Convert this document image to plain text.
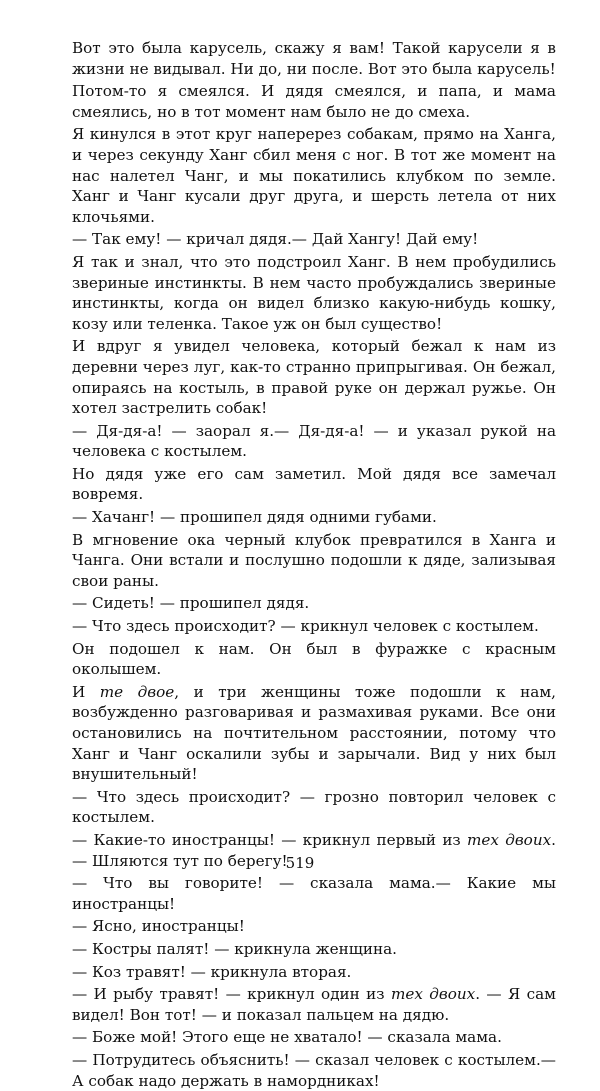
Вот это была карусель, скажу я вам! Такой карусели я в жизни не видывал. Ни до, ни после. Вот это была карусель!

Потом-то я смеялся. И дядя смеялся, и папа, и мама смеялись, но в тот момент нам было не до смеха.

Я кинулся в этот круг наперерез собакам, прямо на Ханга, и через секунду Ханг сбил меня с ног. В тот же момент на нас налетел Чанг, и мы покатились клубком по земле. Ханг и Чанг кусали друг друга, и шерсть летела от них клочьями.

— Так ему! — кричал дядя.— Дай Хангу! Дай ему!

Я так и знал, что это подстроил Ханг. В нем пробудились звериные инстинкты. В нем часто пробуждались звериные инстинкты, когда он видел близко какую-нибудь кошку, козу или теленка. Такое уж он был существо!

И вдруг я увидел человека, который бежал к нам из деревни через луг, как-то странно припрыгивая. Он бежал, опираясь на костыль, в правой руке он держал ружье. Он хотел застрелить собак!

— Дя-дя-а! — заорал я.— Дя-дя-а! — и указал рукой на человека с костылем.

Но дядя уже его сам заметил. Мой дядя все замечал вовремя.

— Хачанг! — прошипел дядя одними губами.

В мгновение ока черный клубок превратился в Ханга и Чанга. Они встали и послушно подошли к дяде, зализывая свои раны.

— Сидеть! — прошипел дядя.

— Что здесь происходит? — крикнул человек с костылем.

Он подошел к нам. Он был в фуражке с красным околышем.

И те двое, и три женщины тоже подошли к нам, возбужденно разговаривая и размахивая руками. Все они остановились на почтительном расстоянии, потому что Ханг и Чанг оскалили зубы и зарычали. Вид у них был внушительный!

— Что здесь происходит? — грозно повторил человек с костылем.

— Какие-то иностранцы! — крикнул первый из тех двоих. — Шляются тут по берегу!

— Что вы говорите! — сказала мама.— Какие мы иностранцы!

— Ясно, иностранцы!

— Костры палят! — крикнула женщина.

— Коз травят! — крикнула вторая.

— И рыбу травят! — крикнул один из тех двоих. — Я сам видел! Вон тот! — и показал пальцем на дядю.

— Боже мой! Этого еще не хватало! — сказала мама.

— Потрудитесь объяснить! — сказал человек с костылем.— А собак надо держать в намордниках!

519
